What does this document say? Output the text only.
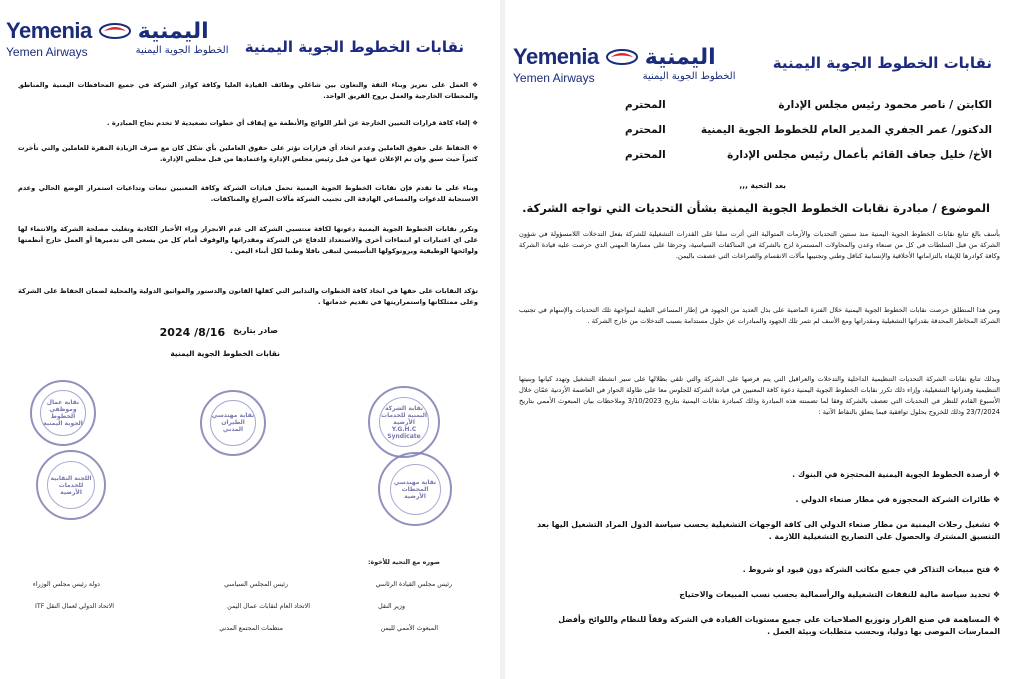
Yemenia اليمنية
Yemen Airways	الخطوط الجوية اليمنية نقابات الخطوط الجوية اليمنية
❖ العمل على تعزيز وبناء الثقة والتعاون بين شاغلي وظائف القيادة العليا وكافة كوادر الشركة في جميع المحافظات اليمنية والمناطق والمحطات الخارجية والعمل بروح الفريق الواحد.
❖ إلغاء كافة قرارات التعيين الخارجة عن أطر اللوائح والأنظمة مع إيقاف أي خطوات تصعيدية لا تخدم نجاح المبادرة .
❖ الحفاظ على حقوق العاملين وعدم اتخاذ أي قرارات تؤثر على حقوق العاملين بأي شكل كان مع صرف الزيادة المقرة للعاملين والتي تأخرت كثيراً حيث سبق وان تم الإعلان عنها من قبل رئيس مجلس الإدارة واعتمادها من قبل مجلس الإدارة.
وبناء على ما تقدم فإن نقابات الخطوط الجوية اليمنية تحمل قيادات الشركة وكافة المعنيين تبعات وتداعيات استمرار الوضع الحالي وعدم الاستجابة للدعوات والمساعي الهادفة الى تجنيب الشركة مآلات الصراع والمناكفات.
وتكرر نقابات الخطوط الجوية اليمنية دعوتها لكافة منتسبي الشركة الى عدم الانجرار وراء الأخبار الكاذبة وتغليب مصلحة الشركة والانتماء لها على اي اعتبارات او انتماءات أخرى والاستعداد للدفاع عن الشركة ومقدراتها والوقوف أمام كل من يسعى الى تدميرها أو العمل خارج أنظمتها ولوائحها الوظيفية وبروتوكولها التأسيسي لتبقى ناقلا وطنيا لكل أبناء اليمن .
تؤكد النقابات على حقها في اتخاذ كافة الخطوات والتدابير التي كفلها القانون والدستور والمواثيق الدولية والمحلية لضمان الحفاظ على الشركة وعلى ممتلكاتها واستمراريتها في تقديم خدماتها .
صادر بتاريخ
2024 /8/16
نقابات الخطوط الجوية اليمنية
نقابة عمال وموظفي الخطوط الجوية اليمنية
نقابة مهندسي الطيران المدني
نقابة الشركة اليمنية للخدمات الأرضية Y.G.H.C Syndicate
اللجنة النقابية للخدمات الأرضية
نقابة مهندسي المحطات الأرضية
صوره مع التحية للأخوة:
رئيس مجلس القيادة الرئاسي
رئيس المجلس السياسي
دولة رئيس مجلس الوزراء
وزير النقل
الاتحاد العام لنقابات عمال اليمن
الاتحاد الدولي لعمال النقل ITF
المبعوث الأممي لليمن
منظمات المجتمع المدني
Yemenia اليمنية
Yemen Airways	الخطوط الجوية اليمنية
نقابات الخطوط الجوية اليمنية
الكابتن / ناصر محمود رئيس مجلس الإدارة
المحترم
الدكتور/ عمر الجفري المدير العام للخطوط الجوية اليمنية
المحترم
الأخ/ خليل جعاف القائم بأعمال رئيس مجلس الإدارة
المحترم
بعد التحية ,,,
الموضوع / مبادرة نقابات الخطوط الجوية اليمنية بشأن التحديات التي تواجه الشركة.
بأسف بالغ تتابع نقابات الخطوط الجوية اليمنية منذ سنتين التحديات والأزمات المتوالية التي أثرت سلبا على القدرات التشغيلية للشركة بفعل التدخلات اللامسؤولة في شؤون الشركة من قبل السلطات في كل من صنعاء وعدن والمحاولات المستمرة لزج بالشركة في المناكفات السياسية، وحرصًا على مسارها المهني الذي حرصت عليه قيادة الشركة وكافة كوادرها للإيفاء بالتزاماتها الأخلاقية والإنسانية كناقل وطني وتجنيبها مآلات الانقسام والصراعات التي عصفت باليمن.
ومن هذا المنطلق حرصت نقابات الخطوط الجوية اليمنية خلال الفترة الماضية على بذل العديد من الجهود في إطار المساعي الطيبة لمواجهة تلك التحديات والإسهام في تجنيب الشركة المخاطر المحدقة بقدراتها التشغيلية ومقدراتها ومع الأسف لم تثمر تلك الجهود والمبادرات عن حلول مستدامة بسبب التدخلات من خارج الشركة .
وبذلك تتابع نقابات الشركة التحديات التنظيمية الداخلية والتدخلات والعراقيل التي يتم فرضها على الشركة والتي تلقي بظلالها على سير انشطة التشغيل وتهدد كيانها وبنيتها التنظيمية وقدراتها التشغيلية، وإزاء ذلك تكرر نقابات الخطوط الجوية اليمنية دعوة كافة المعنيين في قيادة الشركة للجلوس معا على طاولة الحوار في العاصمة الأردنية عمّان خلال الأسبوع القادم للنظر في التحديات التي تعصف بالشركة وفقا لما تضمنته هذه المبادرة وذلك كمبادرة نقابات اليمنية بتاريخ 3/10/2023 وملاحظات بيان المبعوث الأممي بتاريخ 23/7/2024 وذلك للخروج بحلول توافقية فيما يتعلق بالنقاط الآتية :
❖ أرصدة الخطوط الجوية اليمنية المحتجزة في البنوك .
❖ طائرات الشركة المحجوزة في مطار صنعاء الدولي .
❖ تشغيل رحلات اليمنية من مطار صنعاء الدولي الى كافة الوجهات التشغيلية بحسب سياسة الدول المراد التشغيل اليها بعد التنسيق المشترك والحصول على التصاريح التشغيلية اللازمة .
❖ فتح مبيعات التذاكر في جميع مكاتب الشركة دون قيود او شروط .
❖ تحديد سياسة مالية للنفقات التشغيلية والرأسمالية بحسب نسب المبيعات والاحتياج
❖ المساهمة في صنع القرار وتوزيع الصلاحيات على جميع مستويات القيادة في الشركة وفقاً للنظام واللوائح وأفضل الممارسات الموصى بها دوليا، وبحسب متطلبات وبيئة العمل .
